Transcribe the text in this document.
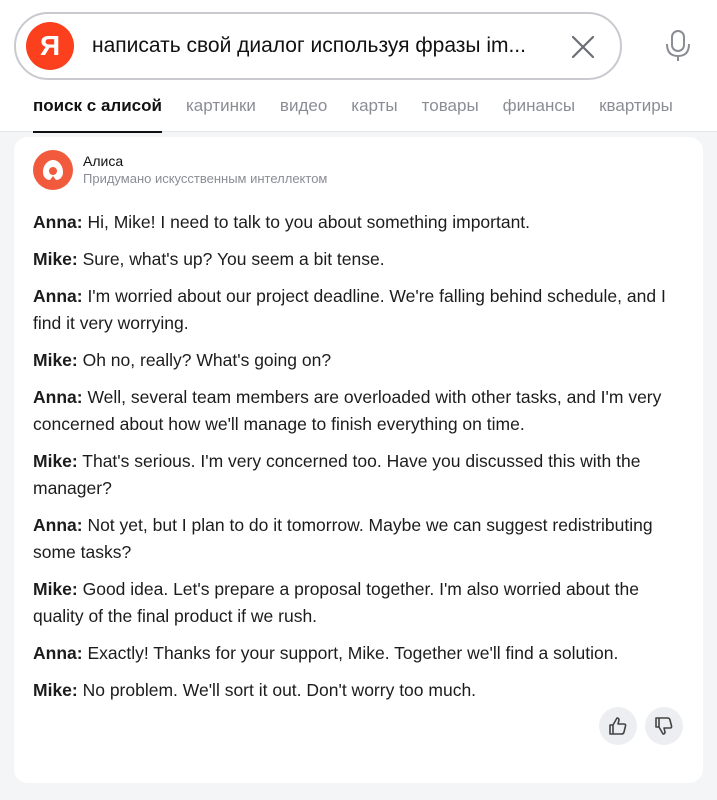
Я	написать свой диалог используя фразы im...
поиск с алисой картинки видео карты товары финансы квартиры
Алиса
Придумано искусственным интеллектом
Anna: Hi, Mike! I need to talk to you about something important.
Mike: Sure, what's up? You seem a bit tense.
Anna: I'm worried about our project deadline. We're falling behind schedule, and I find it very worrying.
Mike: Oh no, really? What's going on?
Anna: Well, several team members are overloaded with other tasks, and I'm very concerned about how we'll manage to finish everything on time.
Mike: That's serious. I'm very concerned too. Have you discussed this with the manager?
Anna: Not yet, but I plan to do it tomorrow. Maybe we can suggest redistributing some tasks?
Mike: Good idea. Let's prepare a proposal together. I'm also worried about the quality of the final product if we rush.
Anna: Exactly! Thanks for your support, Mike. Together we'll find a solution.
Mike: No problem. We'll sort it out. Don't worry too much.
